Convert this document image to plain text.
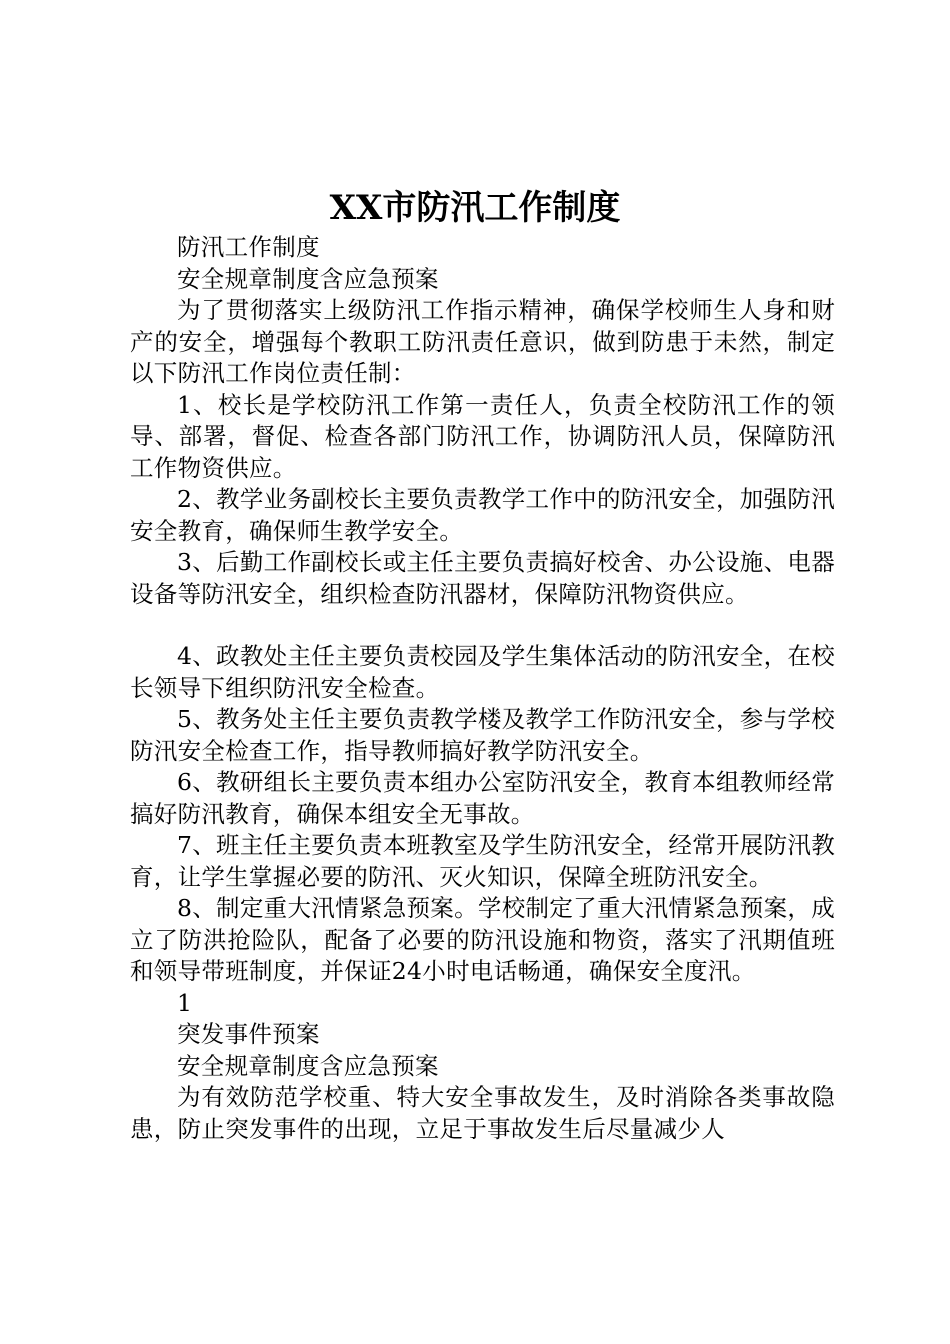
XX市防汛工作制度

防汛工作制度

安全规章制度含应急预案

为了贯彻落实上级防汛工作指示精神，确保学校师生人身和财产的安全，增强每个教职工防汛责任意识，做到防患于未然，制定以下防汛工作岗位责任制：

1、校长是学校防汛工作第一责任人，负责全校防汛工作的领导、部署，督促、检查各部门防汛工作，协调防汛人员，保障防汛工作物资供应。

2、教学业务副校长主要负责教学工作中的防汛安全，加强防汛安全教育，确保师生教学安全。

3、后勤工作副校长或主任主要负责搞好校舍、办公设施、电器设备等防汛安全，组织检查防汛器材，保障防汛物资供应。

4、政教处主任主要负责校园及学生集体活动的防汛安全，在校长领导下组织防汛安全检查。

5、教务处主任主要负责教学楼及教学工作防汛安全，参与学校防汛安全检查工作，指导教师搞好教学防汛安全。

6、教研组长主要负责本组办公室防汛安全，教育本组教师经常搞好防汛教育，确保本组安全无事故。

7、班主任主要负责本班教室及学生防汛安全，经常开展防汛教育，让学生掌握必要的防汛、灭火知识，保障全班防汛安全。

8、制定重大汛情紧急预案。学校制定了重大汛情紧急预案，成立了防洪抢险队，配备了必要的防汛设施和物资，落实了汛期值班和领导带班制度，并保证24小时电话畅通，确保安全度汛。

1

突发事件预案

安全规章制度含应急预案

为有效防范学校重、特大安全事故发生，及时消除各类事故隐患，防止突发事件的出现，立足于事故发生后尽量减少人
